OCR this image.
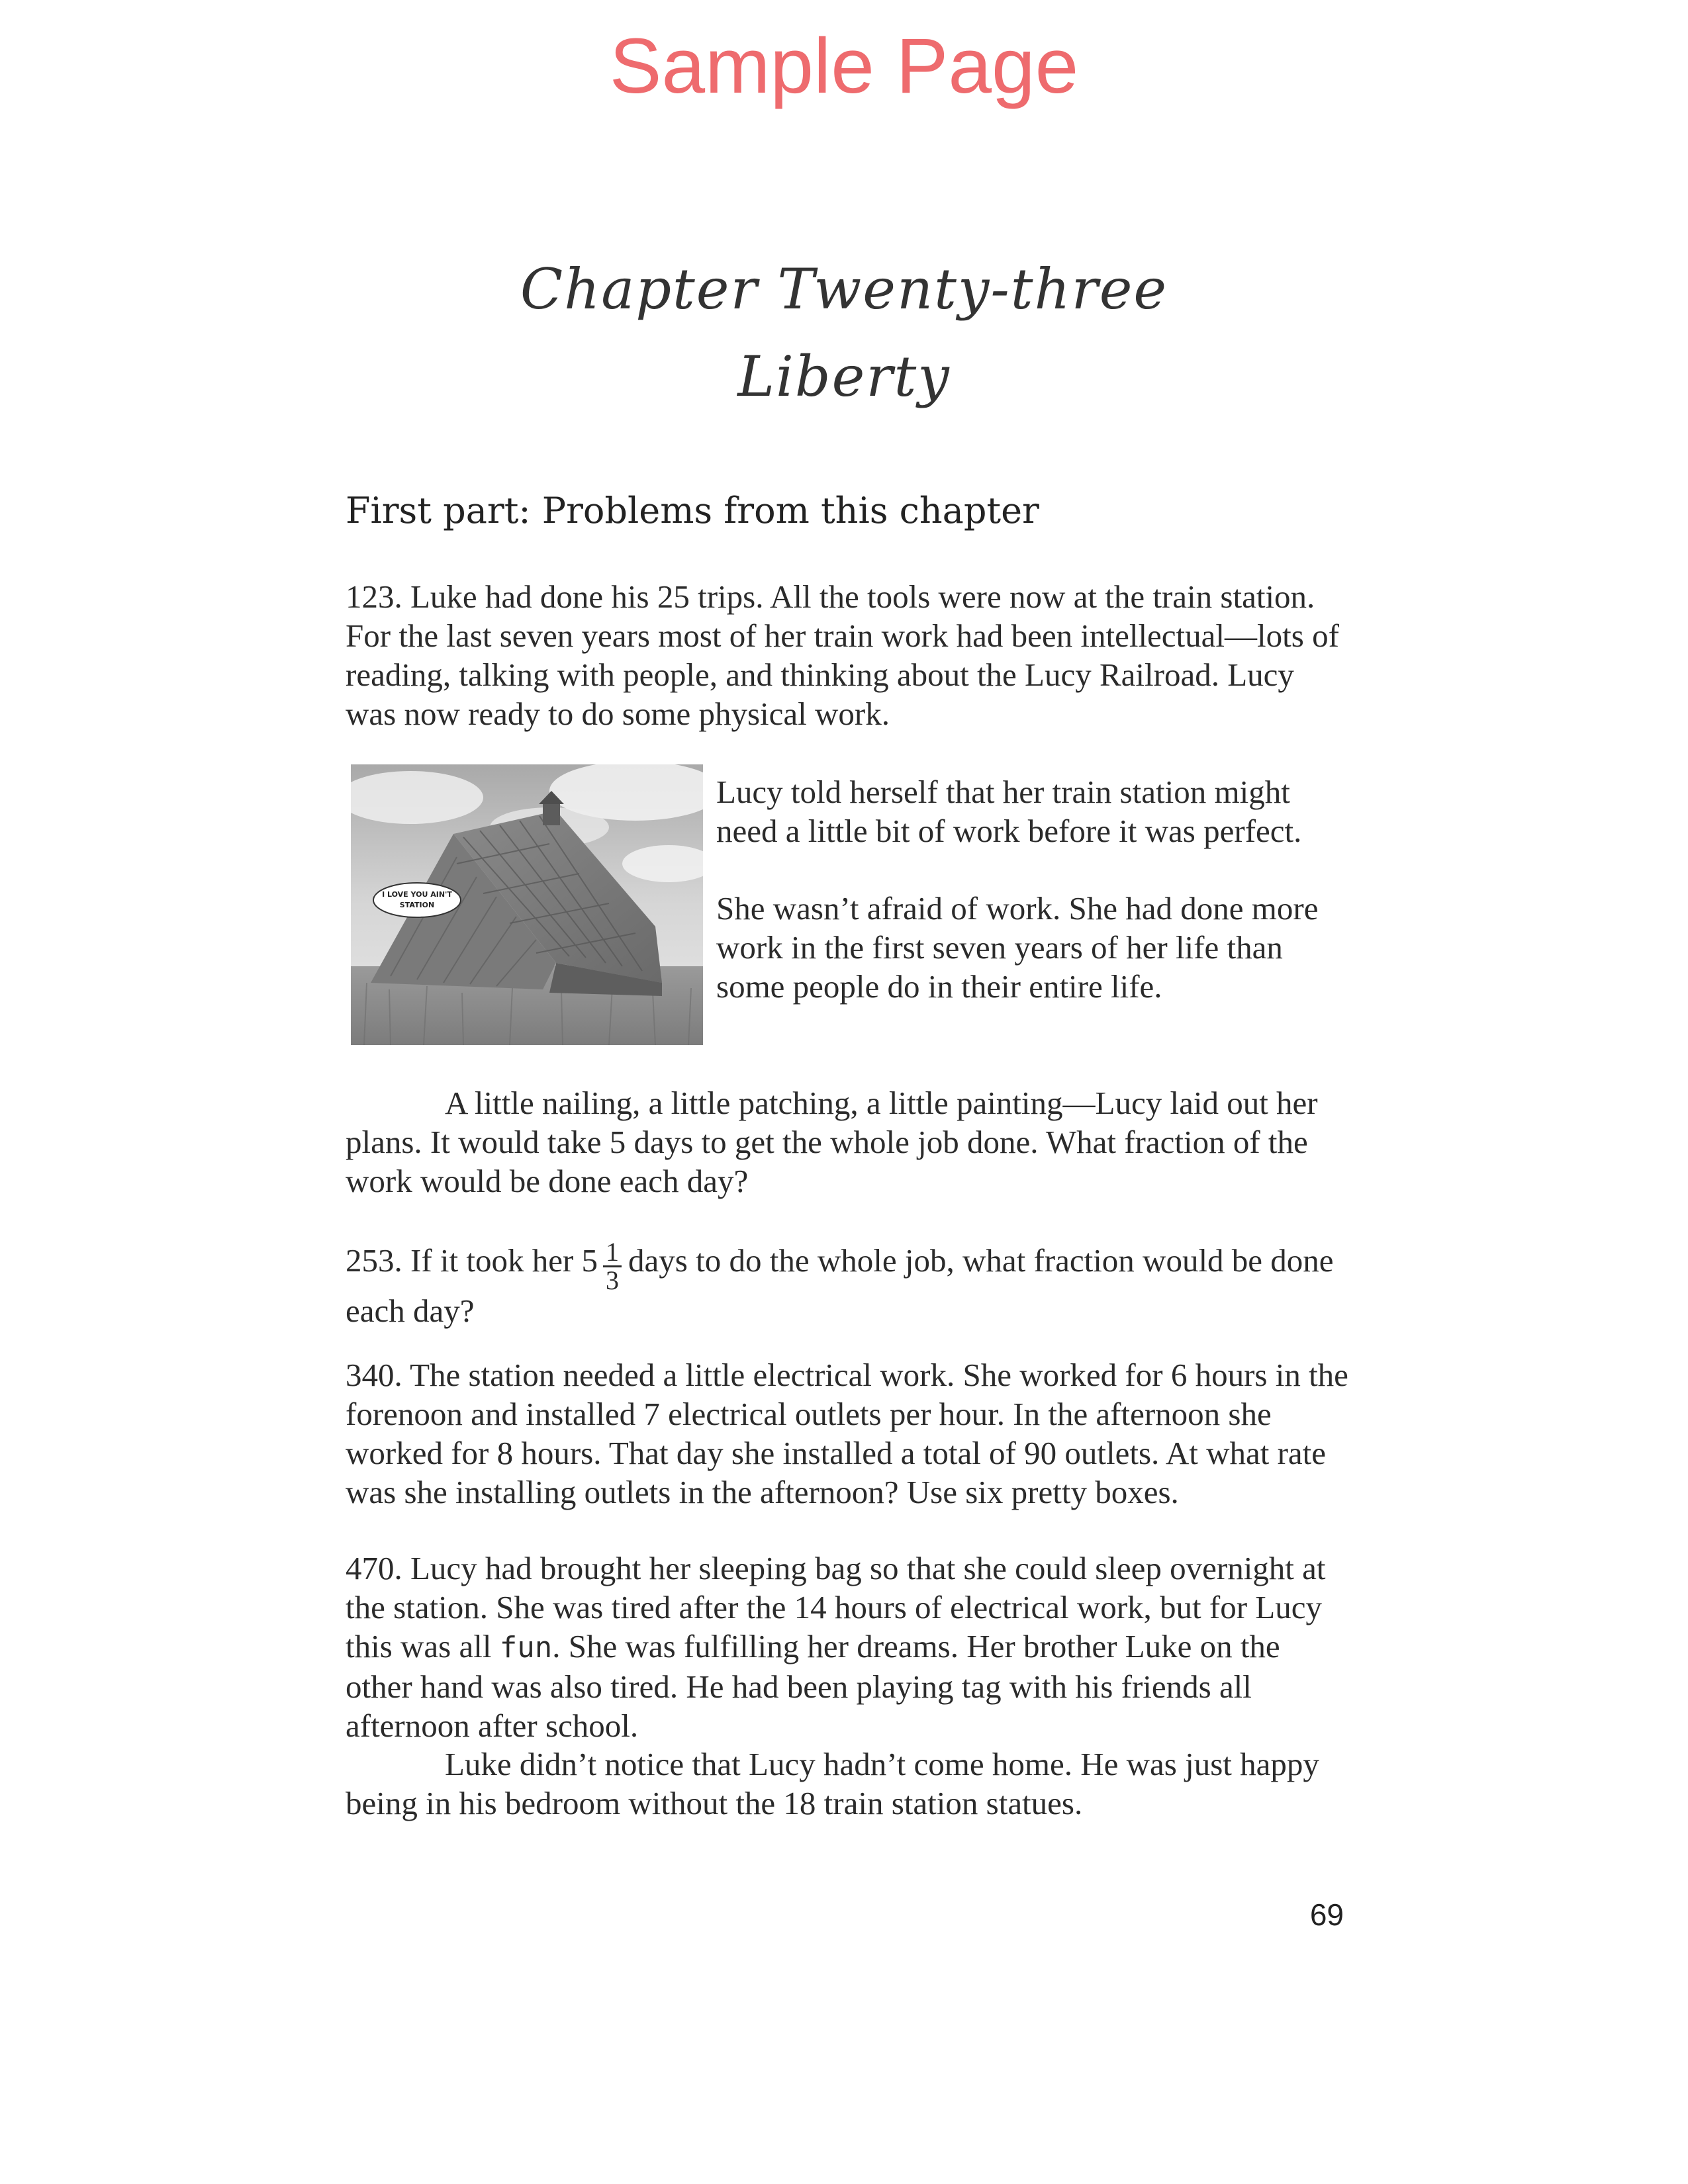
Sample Page
Chapter Twenty-three
Liberty
First part: Problems from this chapter

123. Luke had done his 25 trips. All the tools were now at the train station. For the last seven years most of her train work had been intellectual—lots of reading, talking with people, and thinking about the Lucy Railroad. Lucy was now ready to do some physical work.

I LOVE YOU AIN'T
STATION

Lucy told herself that her train station might need a little bit of work before it was perfect.

She wasn’t afraid of work. She had done more work in the first seven years of her life than some people do in their entire life.

A little nailing, a little patching, a little painting—Lucy laid out her plans. It would take 5 days to get the whole job done. What fraction of the work would be done each day?

253. If it took her $5 \frac{1}{3}$ days to do the whole job, what fraction would be done each day?

340. The station needed a little electrical work. She worked for 6 hours in the forenoon and installed 7 electrical outlets per hour. In the afternoon she worked for 8 hours. That day she installed a total of 90 outlets. At what rate was she installing outlets in the afternoon? Use six pretty boxes.

470. Lucy had brought her sleeping bag so that she could sleep overnight at the station. She was tired after the 14 hours of electrical work, but for Lucy this was all fun. She was fulfilling her dreams. Her brother Luke on the other hand was also tired. He had been playing tag with his friends all afternoon after school.

Luke didn’t notice that Lucy hadn’t come home. He was just happy being in his bedroom without the 18 train station statues.

69
